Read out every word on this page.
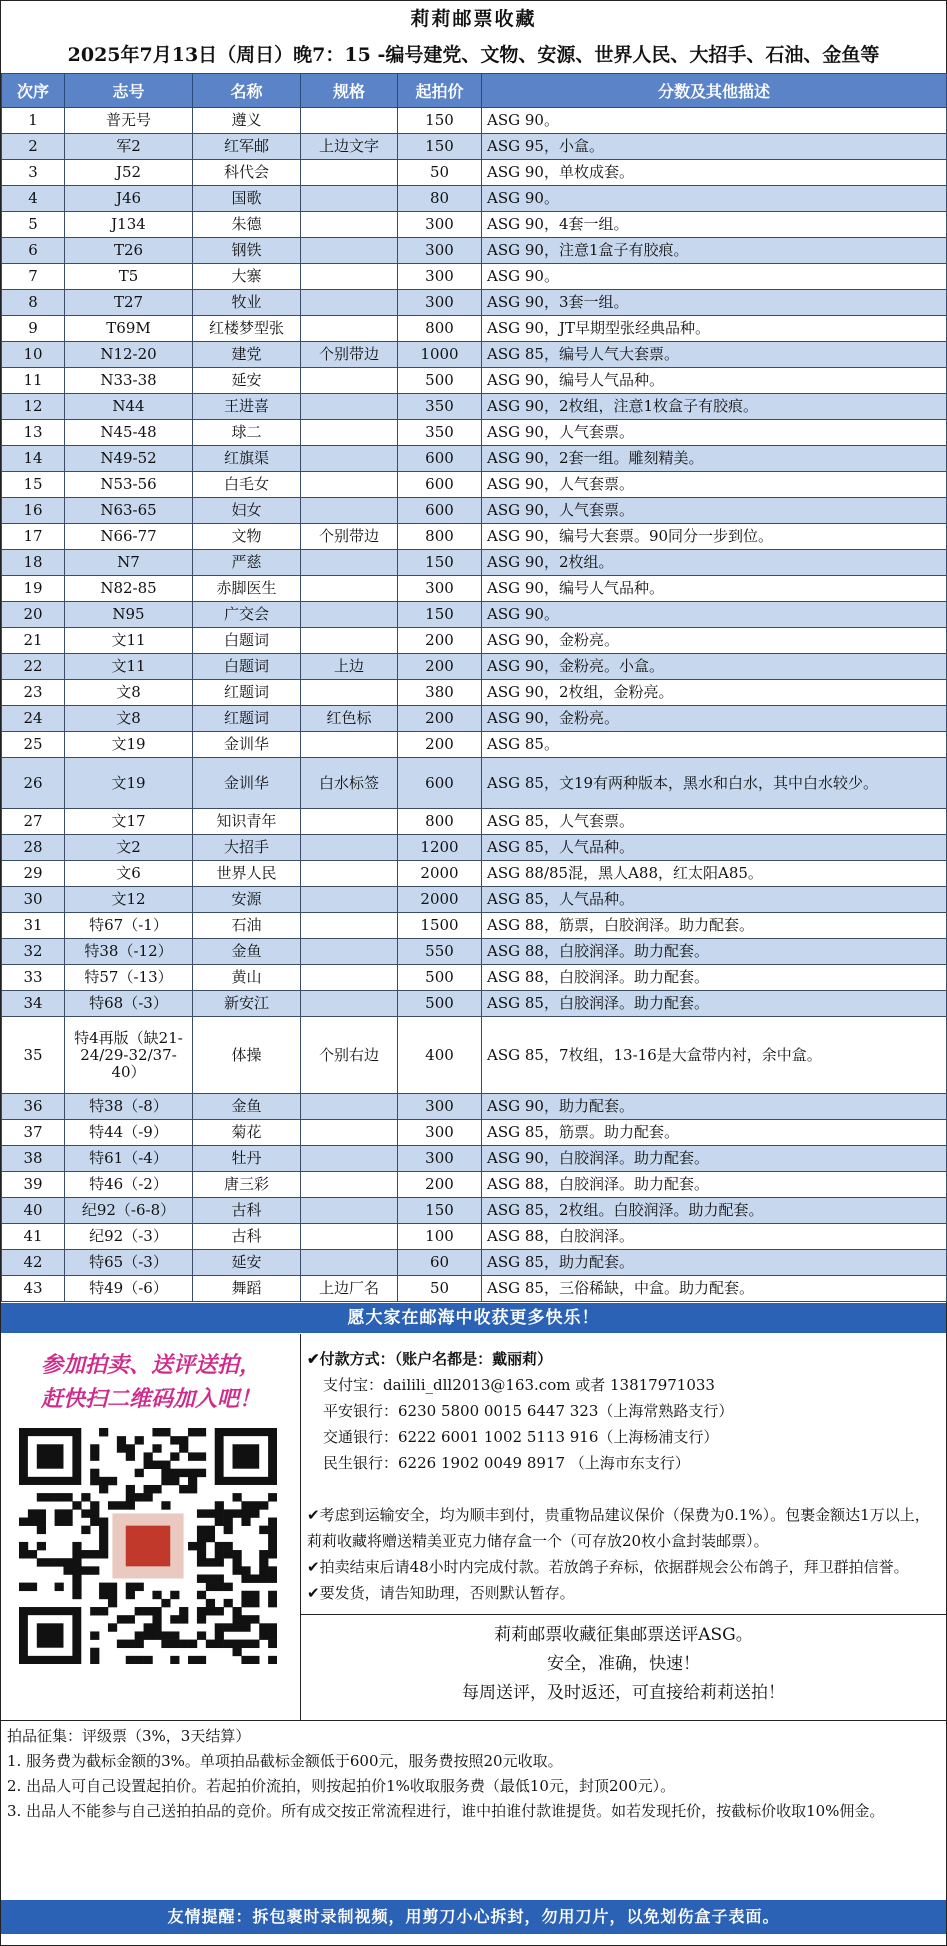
莉莉邮票收藏
2025年7月13日（周日）晚7：15 -编号建党、文物、安源、世界人民、大招手、石油、金鱼等
次序	志号	名称	规格	起拍价	分数及其他描述
1	普无号	遵义		150	ASG 90。
2	军2	红军邮	上边文字	150	ASG 95，小盒。
3	J52	科代会		50	ASG 90，单枚成套。
4	J46	国歌		80	ASG 90。
5	J134	朱德		300	ASG 90，4套一组。
6	T26	钢铁		300	ASG 90，注意1盒子有胶痕。
7	T5	大寨		300	ASG 90。
8	T27	牧业		300	ASG 90，3套一组。
9	T69M	红楼梦型张		800	ASG 90，JT早期型张经典品种。
10	N12-20	建党	个别带边	1000	ASG 85，编号人气大套票。
11	N33-38	延安		500	ASG 90，编号人气品种。
12	N44	王进喜		350	ASG 90，2枚组，注意1枚盒子有胶痕。
13	N45-48	球二		350	ASG 90，人气套票。
14	N49-52	红旗渠		600	ASG 90，2套一组。雕刻精美。
15	N53-56	白毛女		600	ASG 90，人气套票。
16	N63-65	妇女		600	ASG 90，人气套票。
17	N66-77	文物	个别带边	800	ASG 90，编号大套票。90同分一步到位。
18	N7	严慈		150	ASG 90，2枚组。
19	N82-85	赤脚医生		300	ASG 90，编号人气品种。
20	N95	广交会		150	ASG 90。
21	文11	白题词		200	ASG 90，金粉亮。
22	文11	白题词	上边	200	ASG 90，金粉亮。小盒。
23	文8	红题词		380	ASG 90，2枚组，金粉亮。
24	文8	红题词	红色标	200	ASG 90，金粉亮。
25	文19	金训华		200	ASG 85。
26	文19	金训华	白水标签	600	ASG 85，文19有两种版本，黑水和白水，其中白水较少。
27	文17	知识青年		800	ASG 85，人气套票。
28	文2	大招手		1200	ASG 85，人气品种。
29	文6	世界人民		2000	ASG 88/85混，黑人A88，红太阳A85。
30	文12	安源		2000	ASG 85，人气品种。
31	特67（-1）	石油		1500	ASG 88，筋票，白胶润泽。助力配套。
32	特38（-12）	金鱼		550	ASG 88，白胶润泽。助力配套。
33	特57（-13）	黄山		500	ASG 88，白胶润泽。助力配套。
34	特68（-3）	新安江		500	ASG 85，白胶润泽。助力配套。
35	特4再版（缺21-24/29-32/37-40）	体操	个别右边	400	ASG 85，7枚组，13-16是大盒带内衬，余中盒。
36	特38（-8）	金鱼		300	ASG 90，助力配套。
37	特44（-9）	菊花		300	ASG 85，筋票。助力配套。
38	特61（-4）	牡丹		300	ASG 90，白胶润泽。助力配套。
39	特46（-2）	唐三彩		200	ASG 88，白胶润泽。助力配套。
40	纪92（-6-8）	古科		150	ASG 85，2枚组。白胶润泽。助力配套。
41	纪92（-3）	古科		100	ASG 88，白胶润泽。
42	特65（-3）	延安		60	ASG 85，助力配套。
43	特49（-6）	舞蹈	上边厂名	50	ASG 85，三俗稀缺，中盒。助力配套。
愿大家在邮海中收获更多快乐！
参加拍卖、送评送拍，
赶快扫二维码加入吧！
✔付款方式：（账户名都是：戴丽莉）
支付宝：dailili_dll2013@163.com 或者 13817971033
平安银行：6230 5800 0015 6447 323（上海常熟路支行）
交通银行：6222 6001 1002 5113 916（上海杨浦支行）
民生银行：6226 1902 0049 8917 （上海市东支行）
✔考虑到运输安全，均为顺丰到付，贵重物品建议保价（保费为0.1%）。包裹金额达1万以上，莉莉收藏将赠送精美亚克力储存盒一个（可存放20枚小盒封装邮票）。
✔拍卖结束后请48小时内完成付款。若放鸽子弃标，依据群规会公布鸽子，拜卫群拍信誉。
✔要发货，请告知助理，否则默认暂存。
莉莉邮票收藏征集邮票送评ASG。
安全，准确，快速！
每周送评，及时返还，可直接给莉莉送拍！
拍品征集：评级票（3%，3天结算）
1. 服务费为截标金额的3%。单项拍品截标金额低于600元，服务费按照20元收取。
2. 出品人可自己设置起拍价。若起拍价流拍，则按起拍价1%收取服务费（最低10元，封顶200元）。
3. 出品人不能参与自己送拍拍品的竞价。所有成交按正常流程进行，谁中拍谁付款谁提货。如若发现托价，按截标价收取10%佣金。
友情提醒：拆包裹时录制视频，用剪刀小心拆封，勿用刀片，以免划伤盒子表面。
